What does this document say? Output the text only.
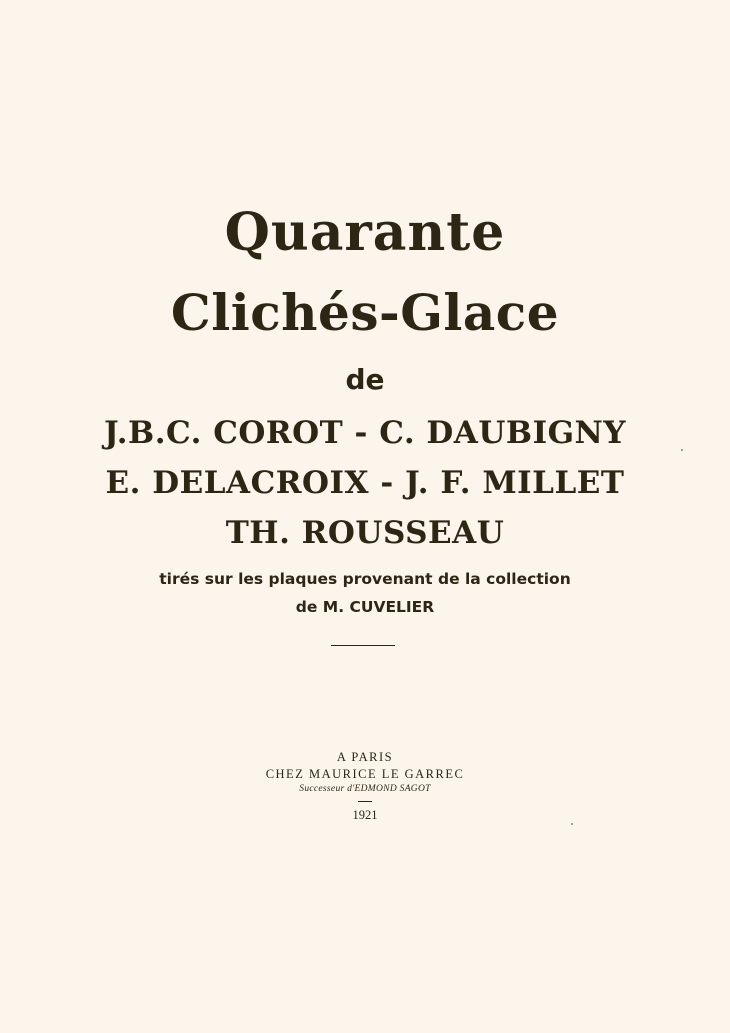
Quarante
Clichés-Glace
de
J.B.C. COROT - C. DAUBIGNY
E. DELACROIX - J. F. MILLET
TH. ROUSSEAU
tirés sur les plaques provenant de la collection
de M. CUVELIER
A PARIS
CHEZ MAURICE LE GARREC
Successeur d'EDMOND SAGOT
1921
